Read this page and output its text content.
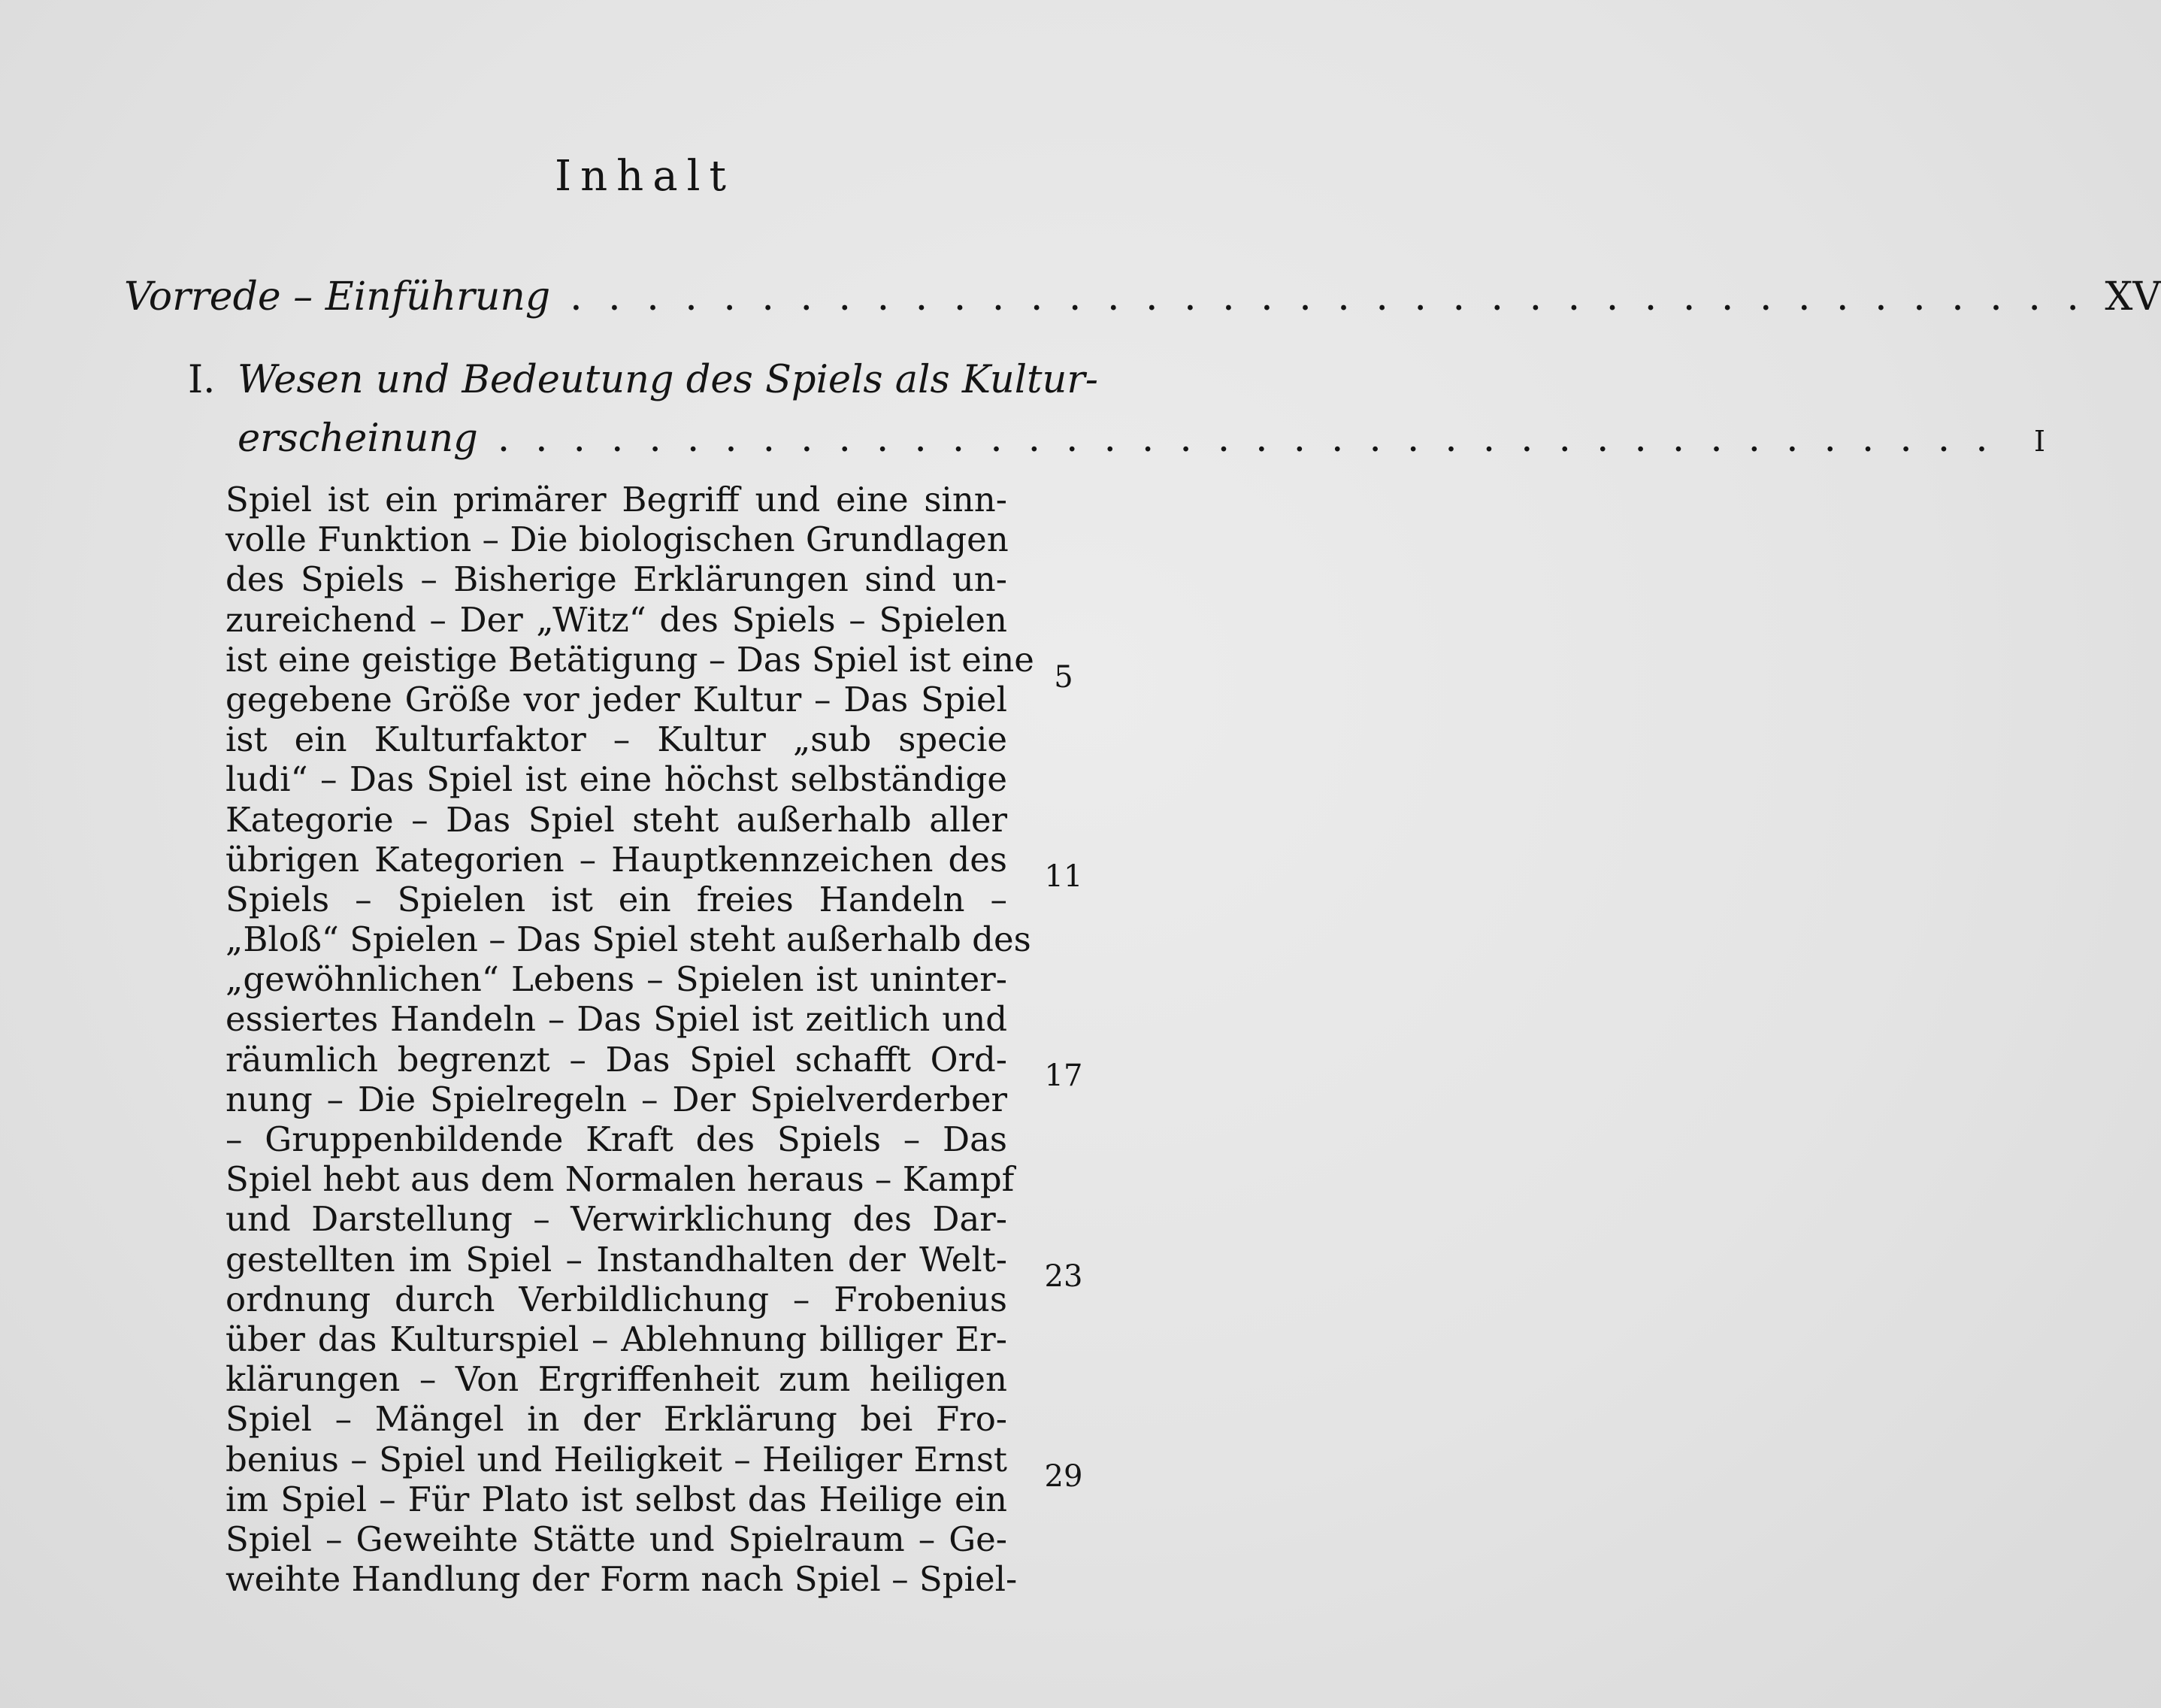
Inhalt
Vorrede – Einführung . . . . . . . . . . . . . . . . . . . . . . . . . . . . . . . . . . . . . . . . XV
I. Wesen und Bedeutung des Spiels als Kultur-
erscheinung . . . . . . . . . . . . . . . . . . . . . . . . . . . . . . . . . . . . . . . .	I
Spiel ist ein primärer Begriff und eine sinn-
volle Funktion – Die biologischen Grundlagen
des Spiels – Bisherige Erklärungen sind un-
zureichend – Der „Witz“ des Spiels – Spielen
ist eine geistige Betätigung – Das Spiel ist eine
gegebene Größe vor jeder Kultur – Das Spiel
ist ein Kulturfaktor – Kultur „sub specie
ludi“ – Das Spiel ist eine höchst selbständige
Kategorie – Das Spiel steht außerhalb aller
übrigen Kategorien – Hauptkennzeichen des
Spiels – Spielen ist ein freies Handeln –
„Bloß“ Spielen – Das Spiel steht außerhalb des
„gewöhnlichen“ Lebens – Spielen ist uninter-
essiertes Handeln – Das Spiel ist zeitlich und
räumlich begrenzt – Das Spiel schafft Ord-
nung – Die Spielregeln – Der Spielverderber
– Gruppenbildende Kraft des Spiels – Das
Spiel hebt aus dem Normalen heraus – Kampf
und Darstellung – Verwirklichung des Dar-
gestellten im Spiel – Instandhalten der Welt-
ordnung durch Verbildlichung – Frobenius
über das Kulturspiel – Ablehnung billiger Er-
klärungen – Von Ergriffenheit zum heiligen
Spiel – Mängel in der Erklärung bei Fro-
benius – Spiel und Heiligkeit – Heiliger Ernst
im Spiel – Für Plato ist selbst das Heilige ein
Spiel – Geweihte Stätte und Spielraum – Ge-
weihte Handlung der Form nach Spiel – Spiel-
5
11
17
23
29
